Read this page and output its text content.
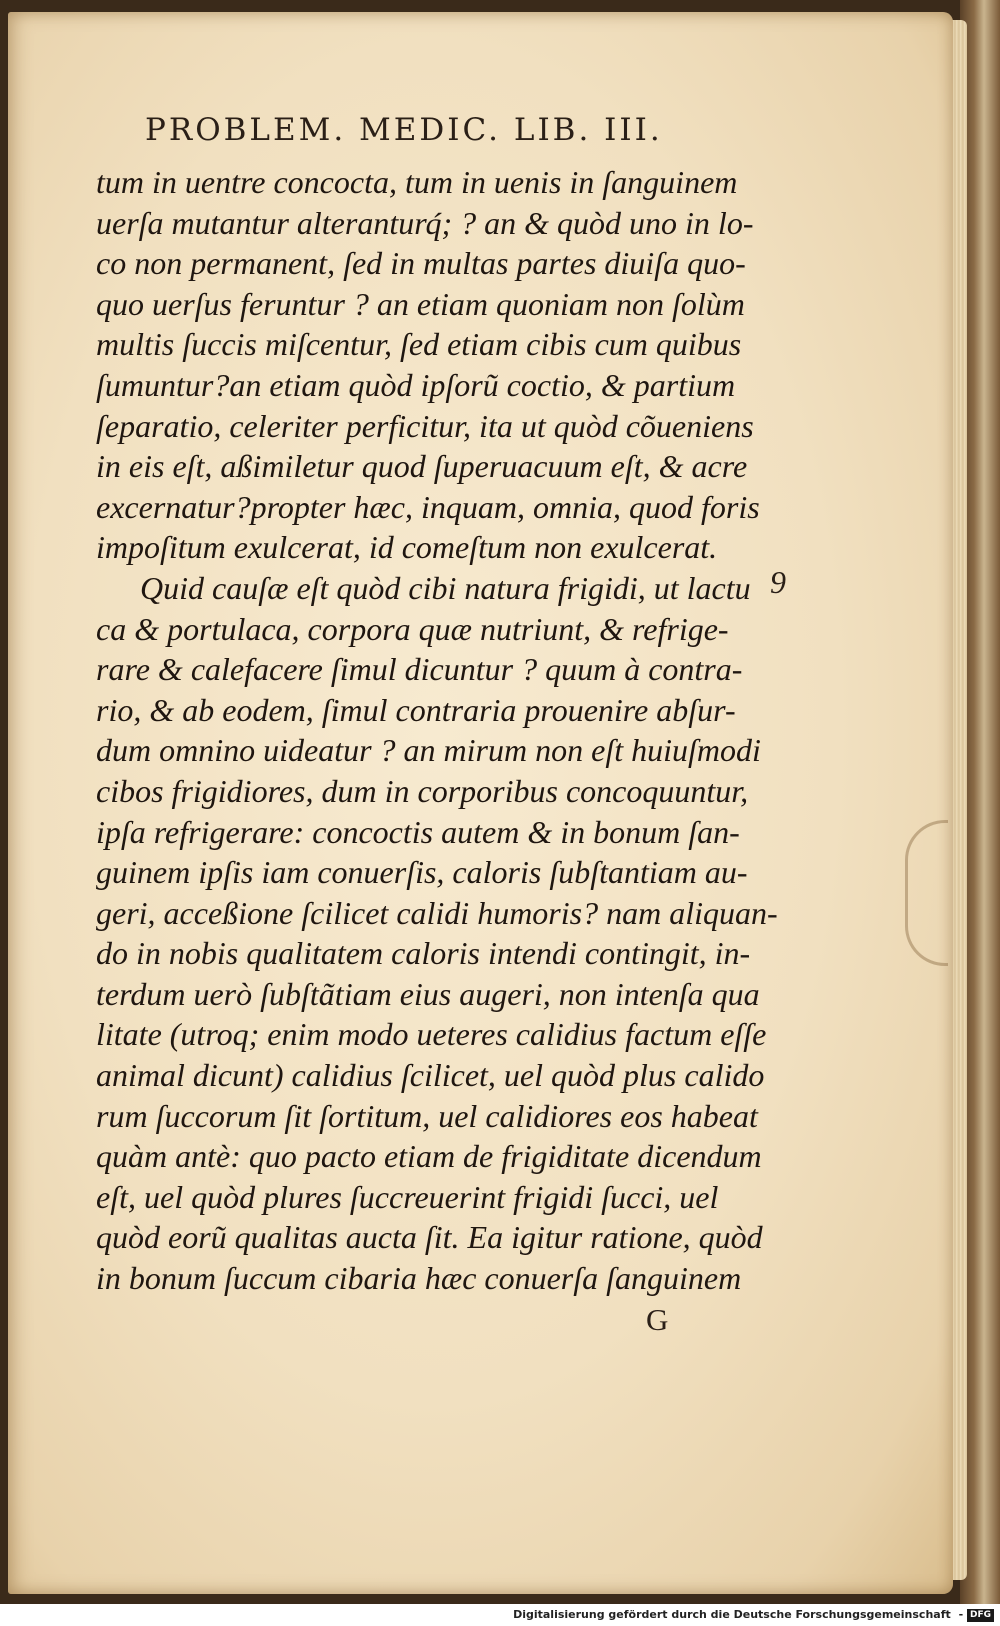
PROBLEM. MEDIC. LIB. III.
tum in uentre concocta, tum in uenis in ſanguinem
uerſa mutantur alteranturq́; ? an & quòd uno in lo-
co non permanent, ſed in multas partes diuiſa quo-
quo uerſus feruntur ? an etiam quoniam non ſolùm
multis ſuccis miſcentur, ſed etiam cibis cum quibus
ſumuntur?an etiam quòd ipſorũ coctio, & partium
ſeparatio, celeriter perficitur, ita ut quòd cõueniens
in eis eſt, aßimiletur quod ſuperuacuum eſt, & acre
excernatur?propter hæc, inquam, omnia, quod foris
impoſitum exulcerat, id comeſtum non exulcerat.
Quid cauſæ eſt quòd cibi natura frigidi, ut lactu
ca & portulaca, corpora quæ nutriunt, & refrige-
rare & calefacere ſimul dicuntur ? quum à contra-
rio, & ab eodem, ſimul contraria prouenire abſur-
dum omnino uideatur ? an mirum non eſt huiuſmodi
cibos frigidiores, dum in corporibus concoquuntur,
ipſa refrigerare: concoctis autem & in bonum ſan-
guinem ipſis iam conuerſis, caloris ſubſtantiam au-
geri, acceßione ſcilicet calidi humoris? nam aliquan-
do in nobis qualitatem caloris intendi contingit, in-
terdum uerò ſubſtãtiam eius augeri, non intenſa qua
litate (utroq; enim modo ueteres calidius factum eſſe
animal dicunt) calidius ſcilicet, uel quòd plus calido
rum ſuccorum ſit ſortitum, uel calidiores eos habeat
quàm antè: quo pacto etiam de frigiditate dicendum
eſt, uel quòd plures ſuccreuerint frigidi ſucci, uel
quòd eorũ qualitas aucta ſit. Ea igitur ratione, quòd
in bonum ſuccum cibaria hæc conuerſa ſanguinem
9
G
Digitalisierung gefördert durch die Deutsche Forschungsgemeinschaft - DFG
